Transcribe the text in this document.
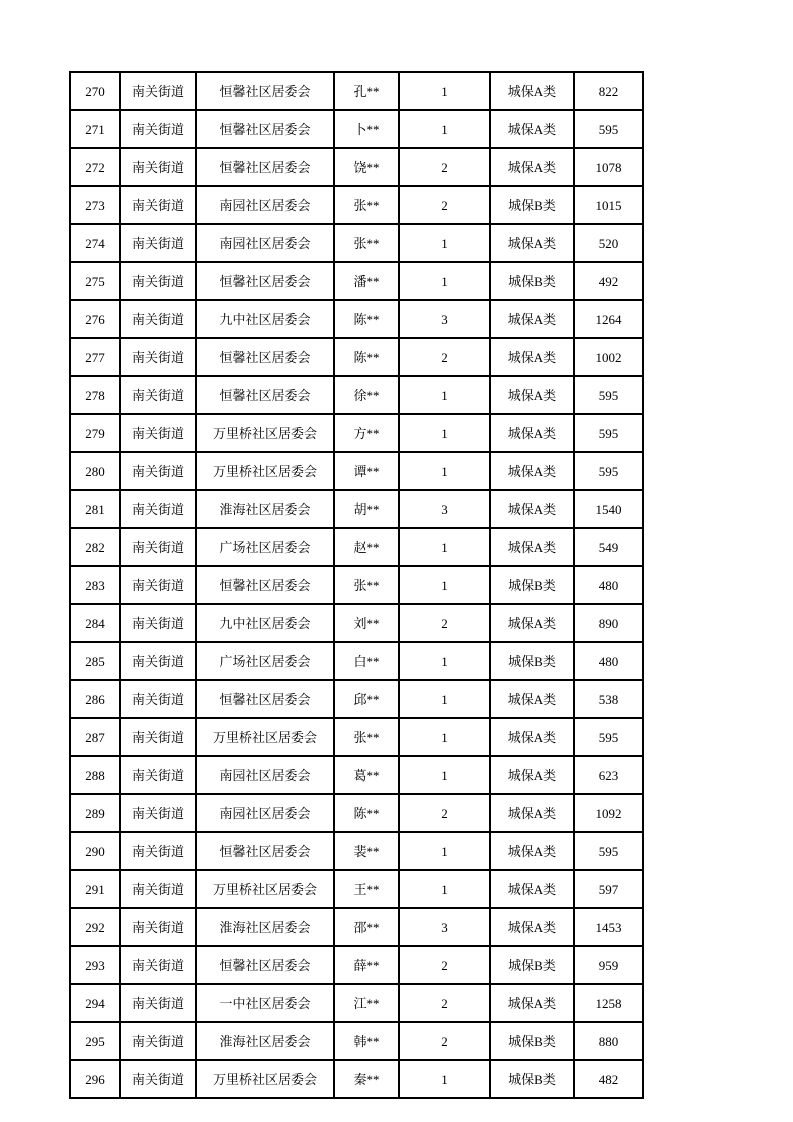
270	南关街道	恒馨社区居委会	孔**	1	城保A类	822
271	南关街道	恒馨社区居委会	卜**	1	城保A类	595
272	南关街道	恒馨社区居委会	饶**	2	城保A类	1078
273	南关街道	南园社区居委会	张**	2	城保B类	1015
274	南关街道	南园社区居委会	张**	1	城保A类	520
275	南关街道	恒馨社区居委会	潘**	1	城保B类	492
276	南关街道	九中社区居委会	陈**	3	城保A类	1264
277	南关街道	恒馨社区居委会	陈**	2	城保A类	1002
278	南关街道	恒馨社区居委会	徐**	1	城保A类	595
279	南关街道	万里桥社区居委会	方**	1	城保A类	595
280	南关街道	万里桥社区居委会	谭**	1	城保A类	595
281	南关街道	淮海社区居委会	胡**	3	城保A类	1540
282	南关街道	广场社区居委会	赵**	1	城保A类	549
283	南关街道	恒馨社区居委会	张**	1	城保B类	480
284	南关街道	九中社区居委会	刘**	2	城保A类	890
285	南关街道	广场社区居委会	白**	1	城保B类	480
286	南关街道	恒馨社区居委会	邱**	1	城保A类	538
287	南关街道	万里桥社区居委会	张**	1	城保A类	595
288	南关街道	南园社区居委会	葛**	1	城保A类	623
289	南关街道	南园社区居委会	陈**	2	城保A类	1092
290	南关街道	恒馨社区居委会	裴**	1	城保A类	595
291	南关街道	万里桥社区居委会	王**	1	城保A类	597
292	南关街道	淮海社区居委会	邵**	3	城保A类	1453
293	南关街道	恒馨社区居委会	薛**	2	城保B类	959
294	南关街道	一中社区居委会	江**	2	城保A类	1258
295	南关街道	淮海社区居委会	韩**	2	城保B类	880
296	南关街道	万里桥社区居委会	秦**	1	城保B类	482
